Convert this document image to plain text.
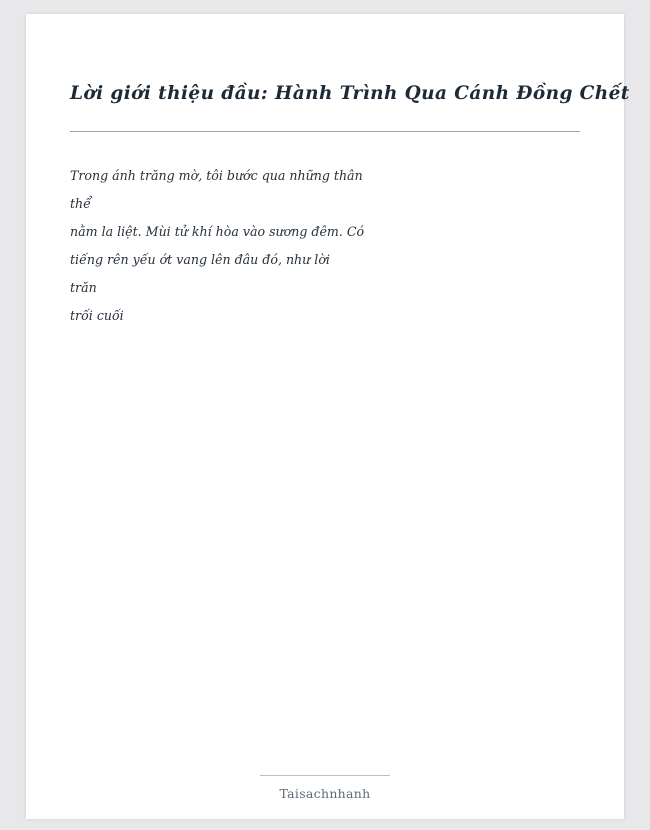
Lời giới thiệu đầu: Hành Trình Qua Cánh Đồng Chết
Trong ánh trăng mờ, tôi bước qua những thân
thể
nằm la liệt. Mùi tử khí hòa vào sương đêm. Có
tiếng rên yếu ớt vang lên đâu đó, như lời
trăn
trối cuối
Taisachnhanh
